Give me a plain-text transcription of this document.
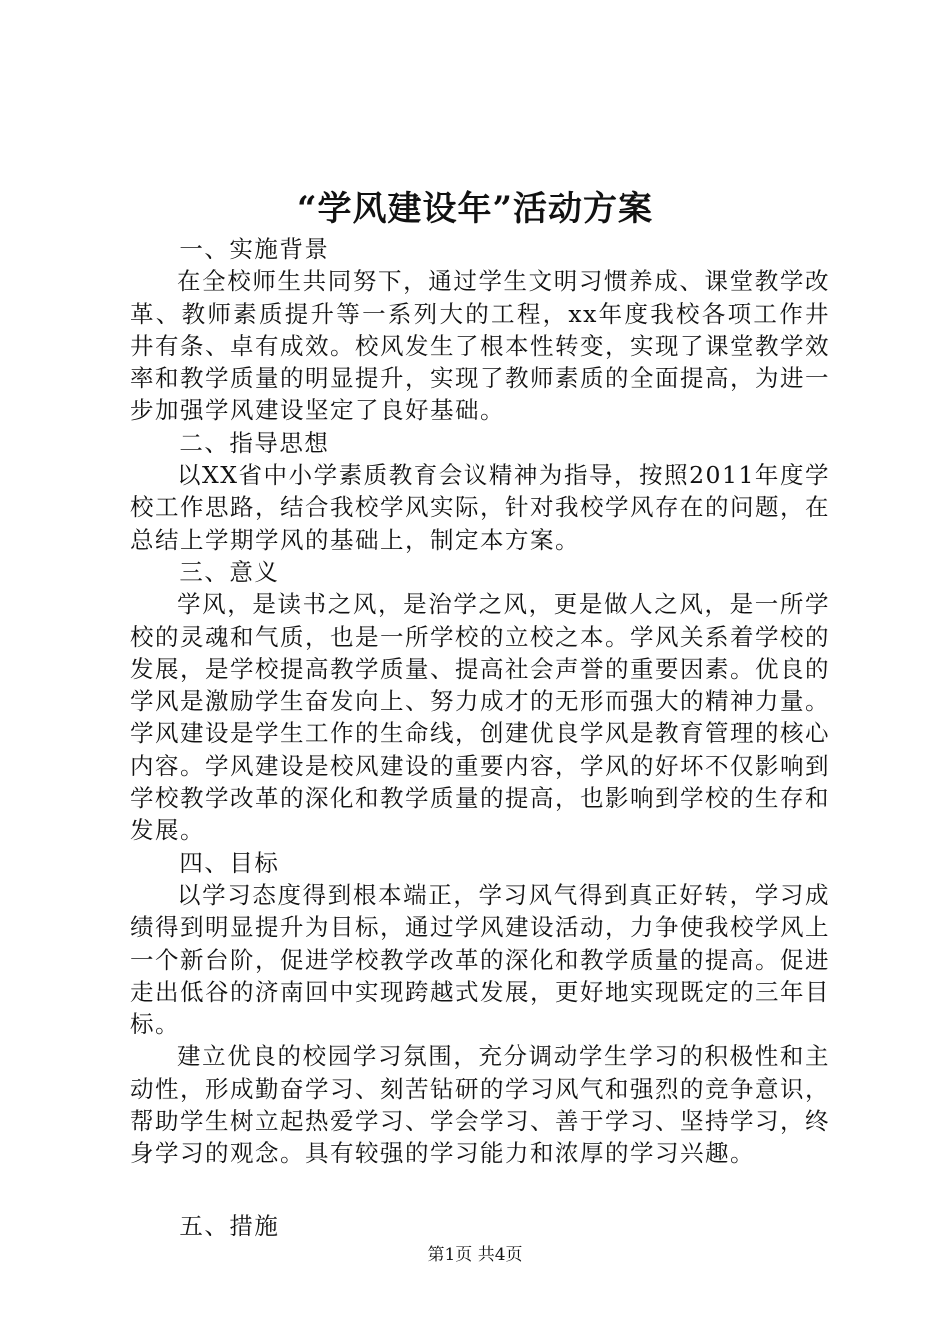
“学风建设年”活动方案

一、实施背景

在全校师生共同努下，通过学生文明习惯养成、课堂教学改革、教师素质提升等一系列大的工程，xx年度我校各项工作井井有条、卓有成效。校风发生了根本性转变，实现了课堂教学效率和教学质量的明显提升，实现了教师素质的全面提高，为进一步加强学风建设坚定了良好基础。

二、指导思想

以XX省中小学素质教育会议精神为指导，按照2011年度学校工作思路，结合我校学风实际，针对我校学风存在的问题，在总结上学期学风的基础上，制定本方案。

三、意义

学风，是读书之风，是治学之风，更是做人之风，是一所学校的灵魂和气质，也是一所学校的立校之本。学风关系着学校的发展，是学校提高教学质量、提高社会声誉的重要因素。优良的学风是激励学生奋发向上、努力成才的无形而强大的精神力量。学风建设是学生工作的生命线，创建优良学风是教育管理的核心内容。学风建设是校风建设的重要内容，学风的好坏不仅影响到学校教学改革的深化和教学质量的提高，也影响到学校的生存和发展。

四、目标

以学习态度得到根本端正，学习风气得到真正好转，学习成绩得到明显提升为目标，通过学风建设活动，力争使我校学风上一个新台阶，促进学校教学改革的深化和教学质量的提高。促进走出低谷的济南回中实现跨越式发展，更好地实现既定的三年目标。

建立优良的校园学习氛围，充分调动学生学习的积极性和主动性，形成勤奋学习、刻苦钻研的学习风气和强烈的竞争意识，帮助学生树立起热爱学习、学会学习、善于学习、坚持学习，终身学习的观念。具有较强的学习能力和浓厚的学习兴趣。

五、措施

第1页 共4页
